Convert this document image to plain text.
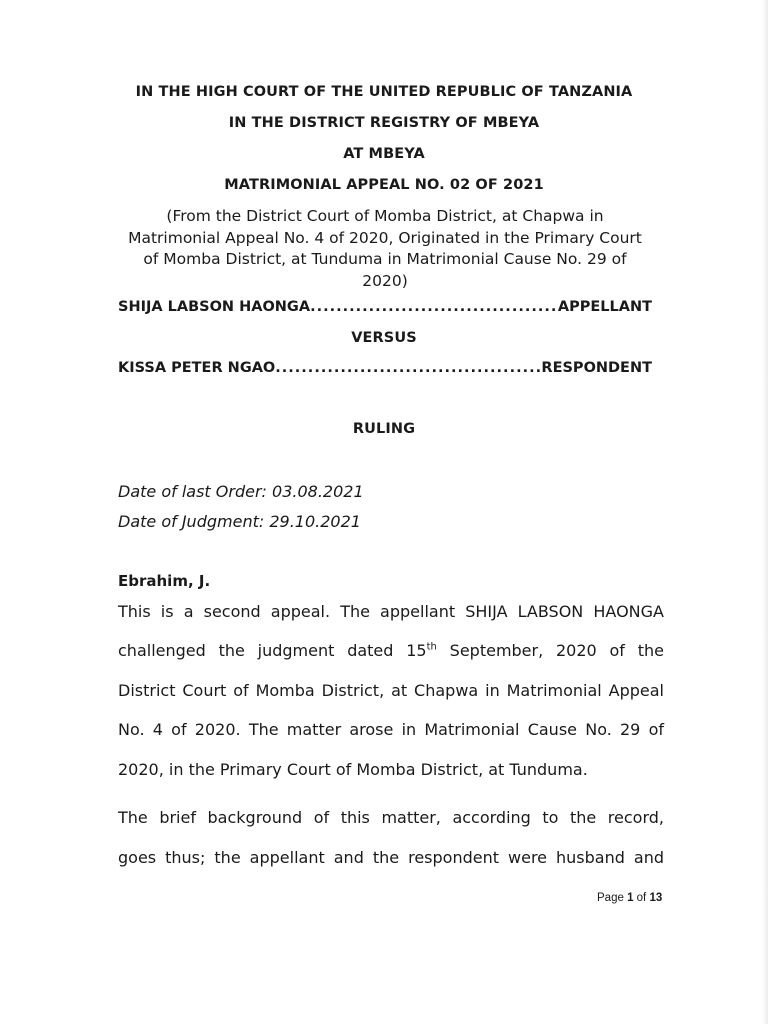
IN THE HIGH COURT OF THE UNITED REPUBLIC OF TANZANIA
IN THE DISTRICT REGISTRY OF MBEYA
AT MBEYA
MATRIMONIAL APPEAL NO. 02 OF 2021
(From the District Court of Momba District, at Chapwa in
Matrimonial Appeal No. 4 of 2020, Originated in the Primary Court
of Momba District, at Tunduma in Matrimonial Cause No. 29 of
2020)
SHIJA LABSON HAONGA .....	APPELLANT
VERSUS
KISSA PETER NGAO .....	RESPONDENT
RULING
Date of last Order: 03.08.2021
Date of Judgment: 29.10.2021
Ebrahim, J.
This is a second appeal. The appellant SHIJA LABSON HAONGA
challenged the judgment dated 15th September, 2020 of the
District Court of Momba District, at Chapwa in Matrimonial Appeal
No. 4 of 2020. The matter arose in Matrimonial Cause No. 29 of
2020, in the Primary Court of Momba District, at Tunduma.
The brief background of this matter, according to the record,
goes thus; the appellant and the respondent were husband and
Page 1 of 13
